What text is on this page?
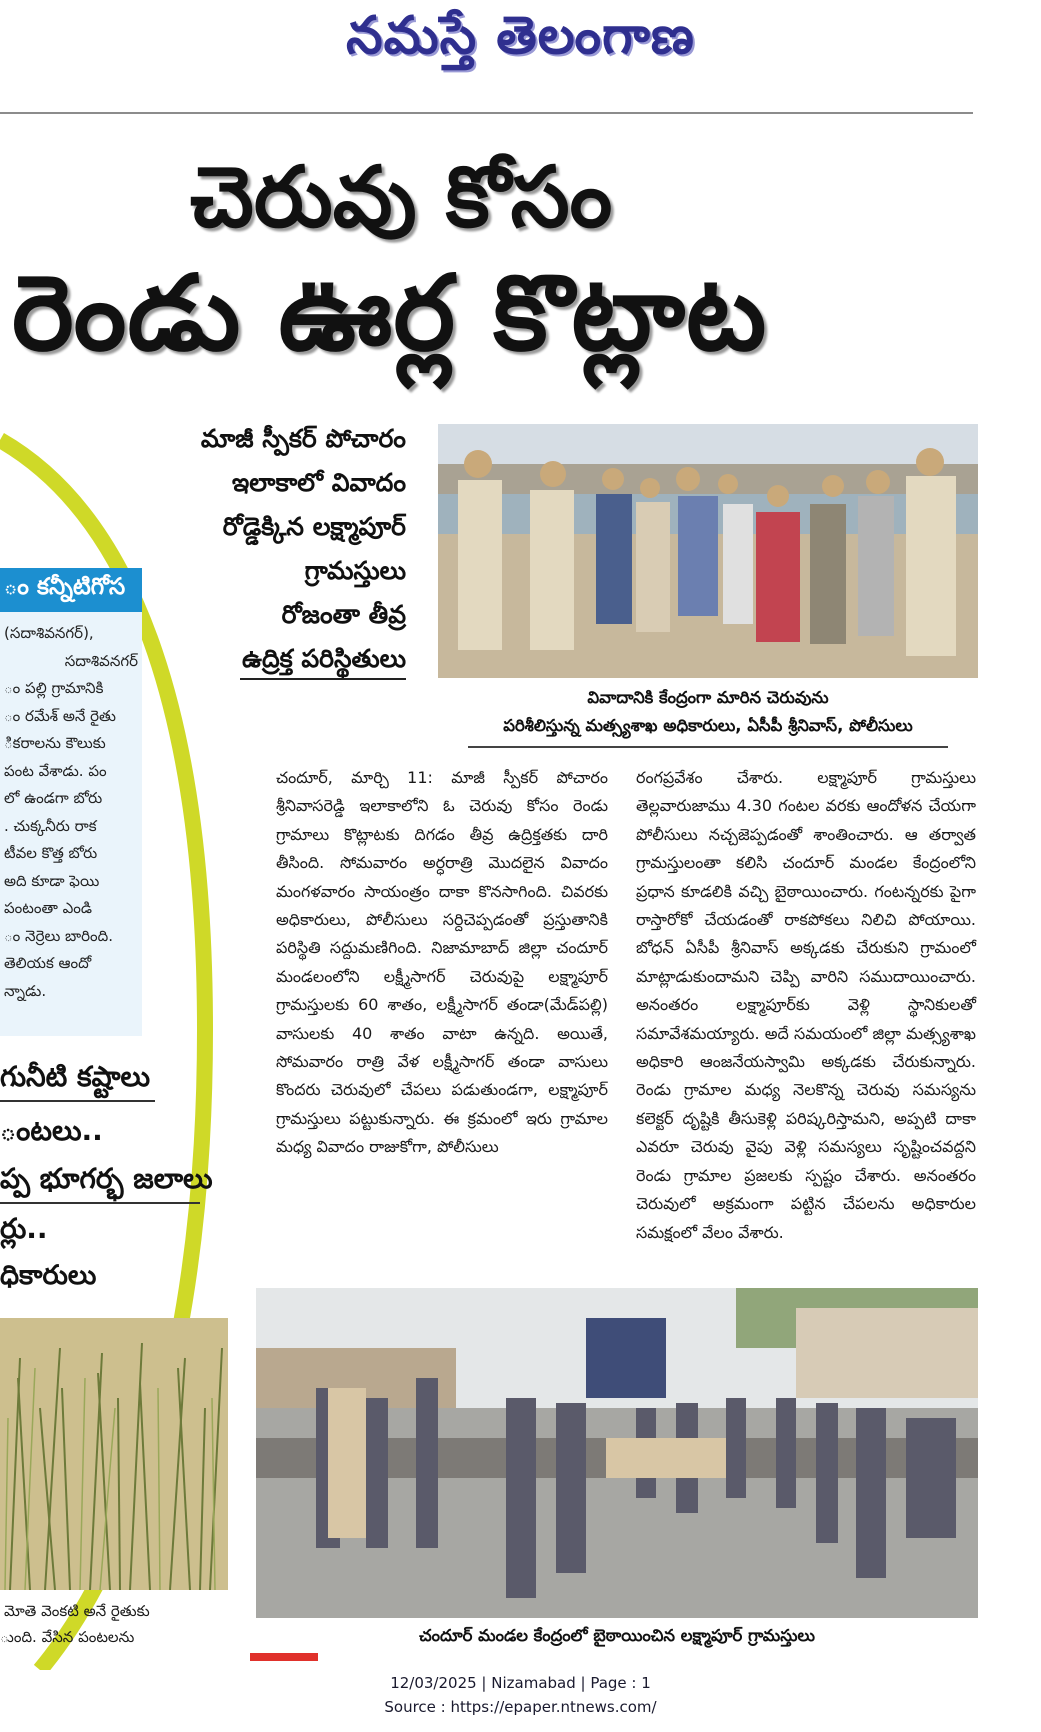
నమస్తే తెలంగాణ
చెరువు కోసం
రెండు ఊర్ల కొట్లాట
ం కన్నీటిగోస
(సదాశివనగర్),
సదాశివనగర్
ం పల్లి గ్రామానికి
ం రమేశ్ అనే రైతు
ికరాలను కౌలుకు
పంట వేశాడు. పం
లో ఉండగా బోరు
. చుక్కనీరు రాక
టీవల కొత్త బోరు
అది కూడా ఫెయి
పంటంతా ఎండి
ం నెర్రెలు బారింది.
తెలియక ఆందో
న్నాడు.
గునీటి కష్టాలు
ంటలు..
ప్ప భూగర్భ జలాలు
ర్లు..
ధికారులు
మోతె వెంకటి అనే రైతుకు
ుంది. వేసిన పంటలను
మాజీ స్పీకర్ పోచారం
ఇలాకాలో వివాదం
రోడ్డెక్కిన లక్ష్మాపూర్
గ్రామస్తులు
రోజంతా తీవ్ర
ఉద్రిక్త పరిస్థితులు
వివాదానికి కేంద్రంగా మారిన చెరువును
పరిశీలిస్తున్న మత్స్యశాఖ అధికారులు, ఏసీపీ శ్రీనివాస్, పోలీసులు

చందూర్, మార్చి 11: మాజీ స్పీకర్ పోచారం శ్రీనివాసరెడ్డి ఇలాకాలోని ఓ చెరువు కోసం రెండు గ్రామాలు కొట్లాటకు దిగడం తీవ్ర ఉద్రిక్తతకు దారి తీసింది. సోమవారం అర్ధరాత్రి మొదలైన వివాదం మంగళవారం సాయంత్రం దాకా కొనసాగింది. చివరకు అధికారులు, పోలీసులు సర్దిచెప్పడంతో ప్రస్తుతానికి పరిస్థితి సద్దుమణిగింది. నిజామాబాద్ జిల్లా చందూర్ మండలంలోని లక్ష్మీసాగర్ చెరువుపై లక్ష్మాపూర్ గ్రామస్తులకు 60 శాతం, లక్ష్మీసాగర్ తండా(మేడ్‌పల్లి) వాసులకు 40 శాతం వాటా ఉన్నది. అయితే, సోమవారం రాత్రి వేళ లక్ష్మీసాగర్ తండా వాసులు కొందరు చెరువులో చేపలు పడుతుండగా, లక్ష్మాపూర్ గ్రామస్తులు పట్టుకున్నారు. ఈ క్రమంలో ఇరు గ్రామాల మధ్య వివాదం రాజుకోగా, పోలీసులు

రంగప్రవేశం చేశారు. లక్ష్మాపూర్ గ్రామస్తులు తెల్లవారుజాము 4.30 గంటల వరకు ఆందోళన చేయగా పోలీసులు నచ్చజెప్పడంతో శాంతించారు. ఆ తర్వాత గ్రామస్తులంతా కలిసి చందూర్ మండల కేంద్రంలోని ప్రధాన కూడలికి వచ్చి బైఠాయించారు. గంటన్నరకు పైగా రాస్తారోకో చేయడంతో రాకపోకలు నిలిచి పోయాయి. బోధన్ ఏసీపీ శ్రీనివాస్ అక్కడకు చేరుకుని గ్రామంలో మాట్లాడుకుందామని చెప్పి వారిని సముదాయించారు. అనంతరం లక్ష్మాపూర్‌కు వెళ్లి స్థానికులతో సమావేశమయ్యారు. అదే సమయంలో జిల్లా మత్స్యశాఖ అధికారి ఆంజనేయస్వామి అక్కడకు చేరుకున్నారు. రెండు గ్రామాల మధ్య నెలకొన్న చెరువు సమస్యను కలెక్టర్ దృష్టికి తీసుకెళ్లి పరిష్కరిస్తామని, అప్పటి దాకా ఎవరూ చెరువు వైపు వెళ్లి సమస్యలు సృష్టించవద్దని రెండు గ్రామాల ప్రజలకు స్పష్టం చేశారు. అనంతరం చెరువులో అక్రమంగా పట్టిన చేపలను అధికారుల సమక్షంలో వేలం వేశారు.

చందూర్ మండల కేంద్రంలో బైఠాయించిన లక్ష్మాపూర్ గ్రామస్తులు
12/03/2025 | Nizamabad | Page : 1
Source : https://epaper.ntnews.com/
